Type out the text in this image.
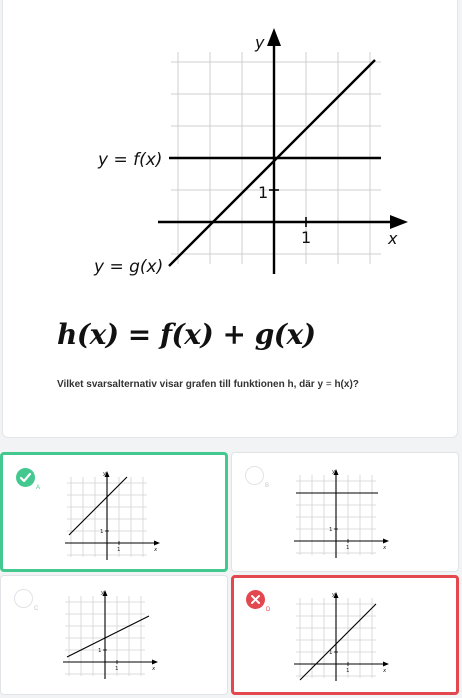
y
x
1
1
y = f(x)
y = g(x)
h(x) = f(x) + g(x)
Vilket svarsalternativ visar grafen till funktionen h, där y = h(x)?
A
y
x
1
1
B
y
x
1
1
C
y
x
1
1
D
y
x
1
1
